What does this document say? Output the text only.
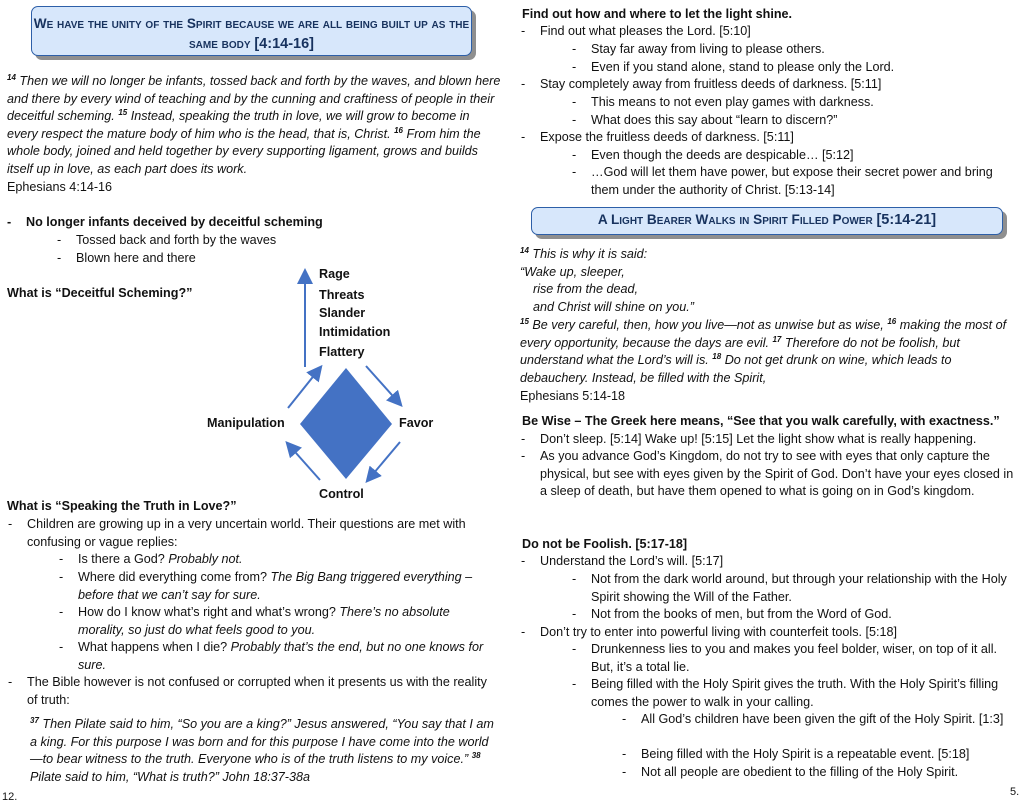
We have the unity of the Spirit because we are all being built up as the same body [4:14-16]
$^{14}$ Then we will no longer be infants, tossed back and forth by the waves, and blown here and there by every wind of teaching and by the cunning and craftiness of people in their deceitful scheming. $^{15}$ Instead, speaking the truth in love, we will grow to become in every respect the mature body of him who is the head, that is, Christ. $^{16}$ From him the whole body, joined and held together by every supporting ligament, grows and builds itself up in love, as each part does its work.
Ephesians 4:14-16
- No longer infants deceived by deceitful scheming
- Tossed back and forth by the waves
- Blown here and there
What is “Deceitful Scheming?”
Rage
Threats
Slander
Intimidation
Flattery
Manipulation	Favor
Control
What is “Speaking the Truth in Love?”
- Children are growing up in a very uncertain world. Their questions are met with confusing or vague replies:
- Is there a God? Probably not.
- Where did everything come from? The Big Bang triggered everything – before that we can’t say for sure.
- How do I know what’s right and what’s wrong? There’s no absolute morality, so just do what feels good to you.
- What happens when I die? Probably that’s the end, but no one knows for sure.
- The Bible however is not confused or corrupted when it presents us with the reality of truth:
$^{37}$ Then Pilate said to him, “So you are a king?” Jesus answered, “You say that I am a king. For this purpose I was born and for this purpose I have come into the world—to bear witness to the truth. Everyone who is of the truth listens to my voice.” $^{38}$ Pilate said to him, “What is truth?” John 18:37-38a
12.
Find out how and where to let the light shine.
- Find out what pleases the Lord. [5:10]
- Stay far away from living to please others.
- Even if you stand alone, stand to please only the Lord.
- Stay completely away from fruitless deeds of darkness. [5:11]
- This means to not even play games with darkness.
- What does this say about “learn to discern?”
- Expose the fruitless deeds of darkness. [5:11]
- Even though the deeds are despicable… [5:12]
- …God will let them have power, but expose their secret power and bring them under the authority of Christ. [5:13-14]
A Light Bearer Walks in Spirit Filled Power [5:14-21]
$^{14}$ This is why it is said:
“Wake up, sleeper,
rise from the dead,
and Christ will shine on you.”
$^{15}$ Be very careful, then, how you live—not as unwise but as wise, $^{16}$ making the most of every opportunity, because the days are evil. $^{17}$ Therefore do not be foolish, but understand what the Lord’s will is. $^{18}$ Do not get drunk on wine, which leads to debauchery. Instead, be filled with the Spirit,
Ephesians 5:14-18
Be Wise – The Greek here means, “See that you walk carefully, with exactness.”
- Don’t sleep. [5:14] Wake up! [5:15] Let the light show what is really happening.
- As you advance God’s Kingdom, do not try to see with eyes that only capture the physical, but see with eyes given by the Spirit of God. Don’t have your eyes closed in a sleep of death, but have them opened to what is going on in God’s kingdom.
Do not be Foolish. [5:17-18]
- Understand the Lord’s will. [5:17]
- Not from the dark world around, but through your relationship with the Holy Spirit showing the Will of the Father.
- Not from the books of men, but from the Word of God.
- Don’t try to enter into powerful living with counterfeit tools. [5:18]
- Drunkenness lies to you and makes you feel bolder, wiser, on top of it all. But, it’s a total lie.
- Being filled with the Holy Spirit gives the truth. With the Holy Spirit’s filling comes the power to walk in your calling.
- All God’s children have been given the gift of the Holy Spirit. [1:3]
- Being filled with the Holy Spirit is a repeatable event. [5:18]
- Not all people are obedient to the filling of the Holy Spirit.
5.
